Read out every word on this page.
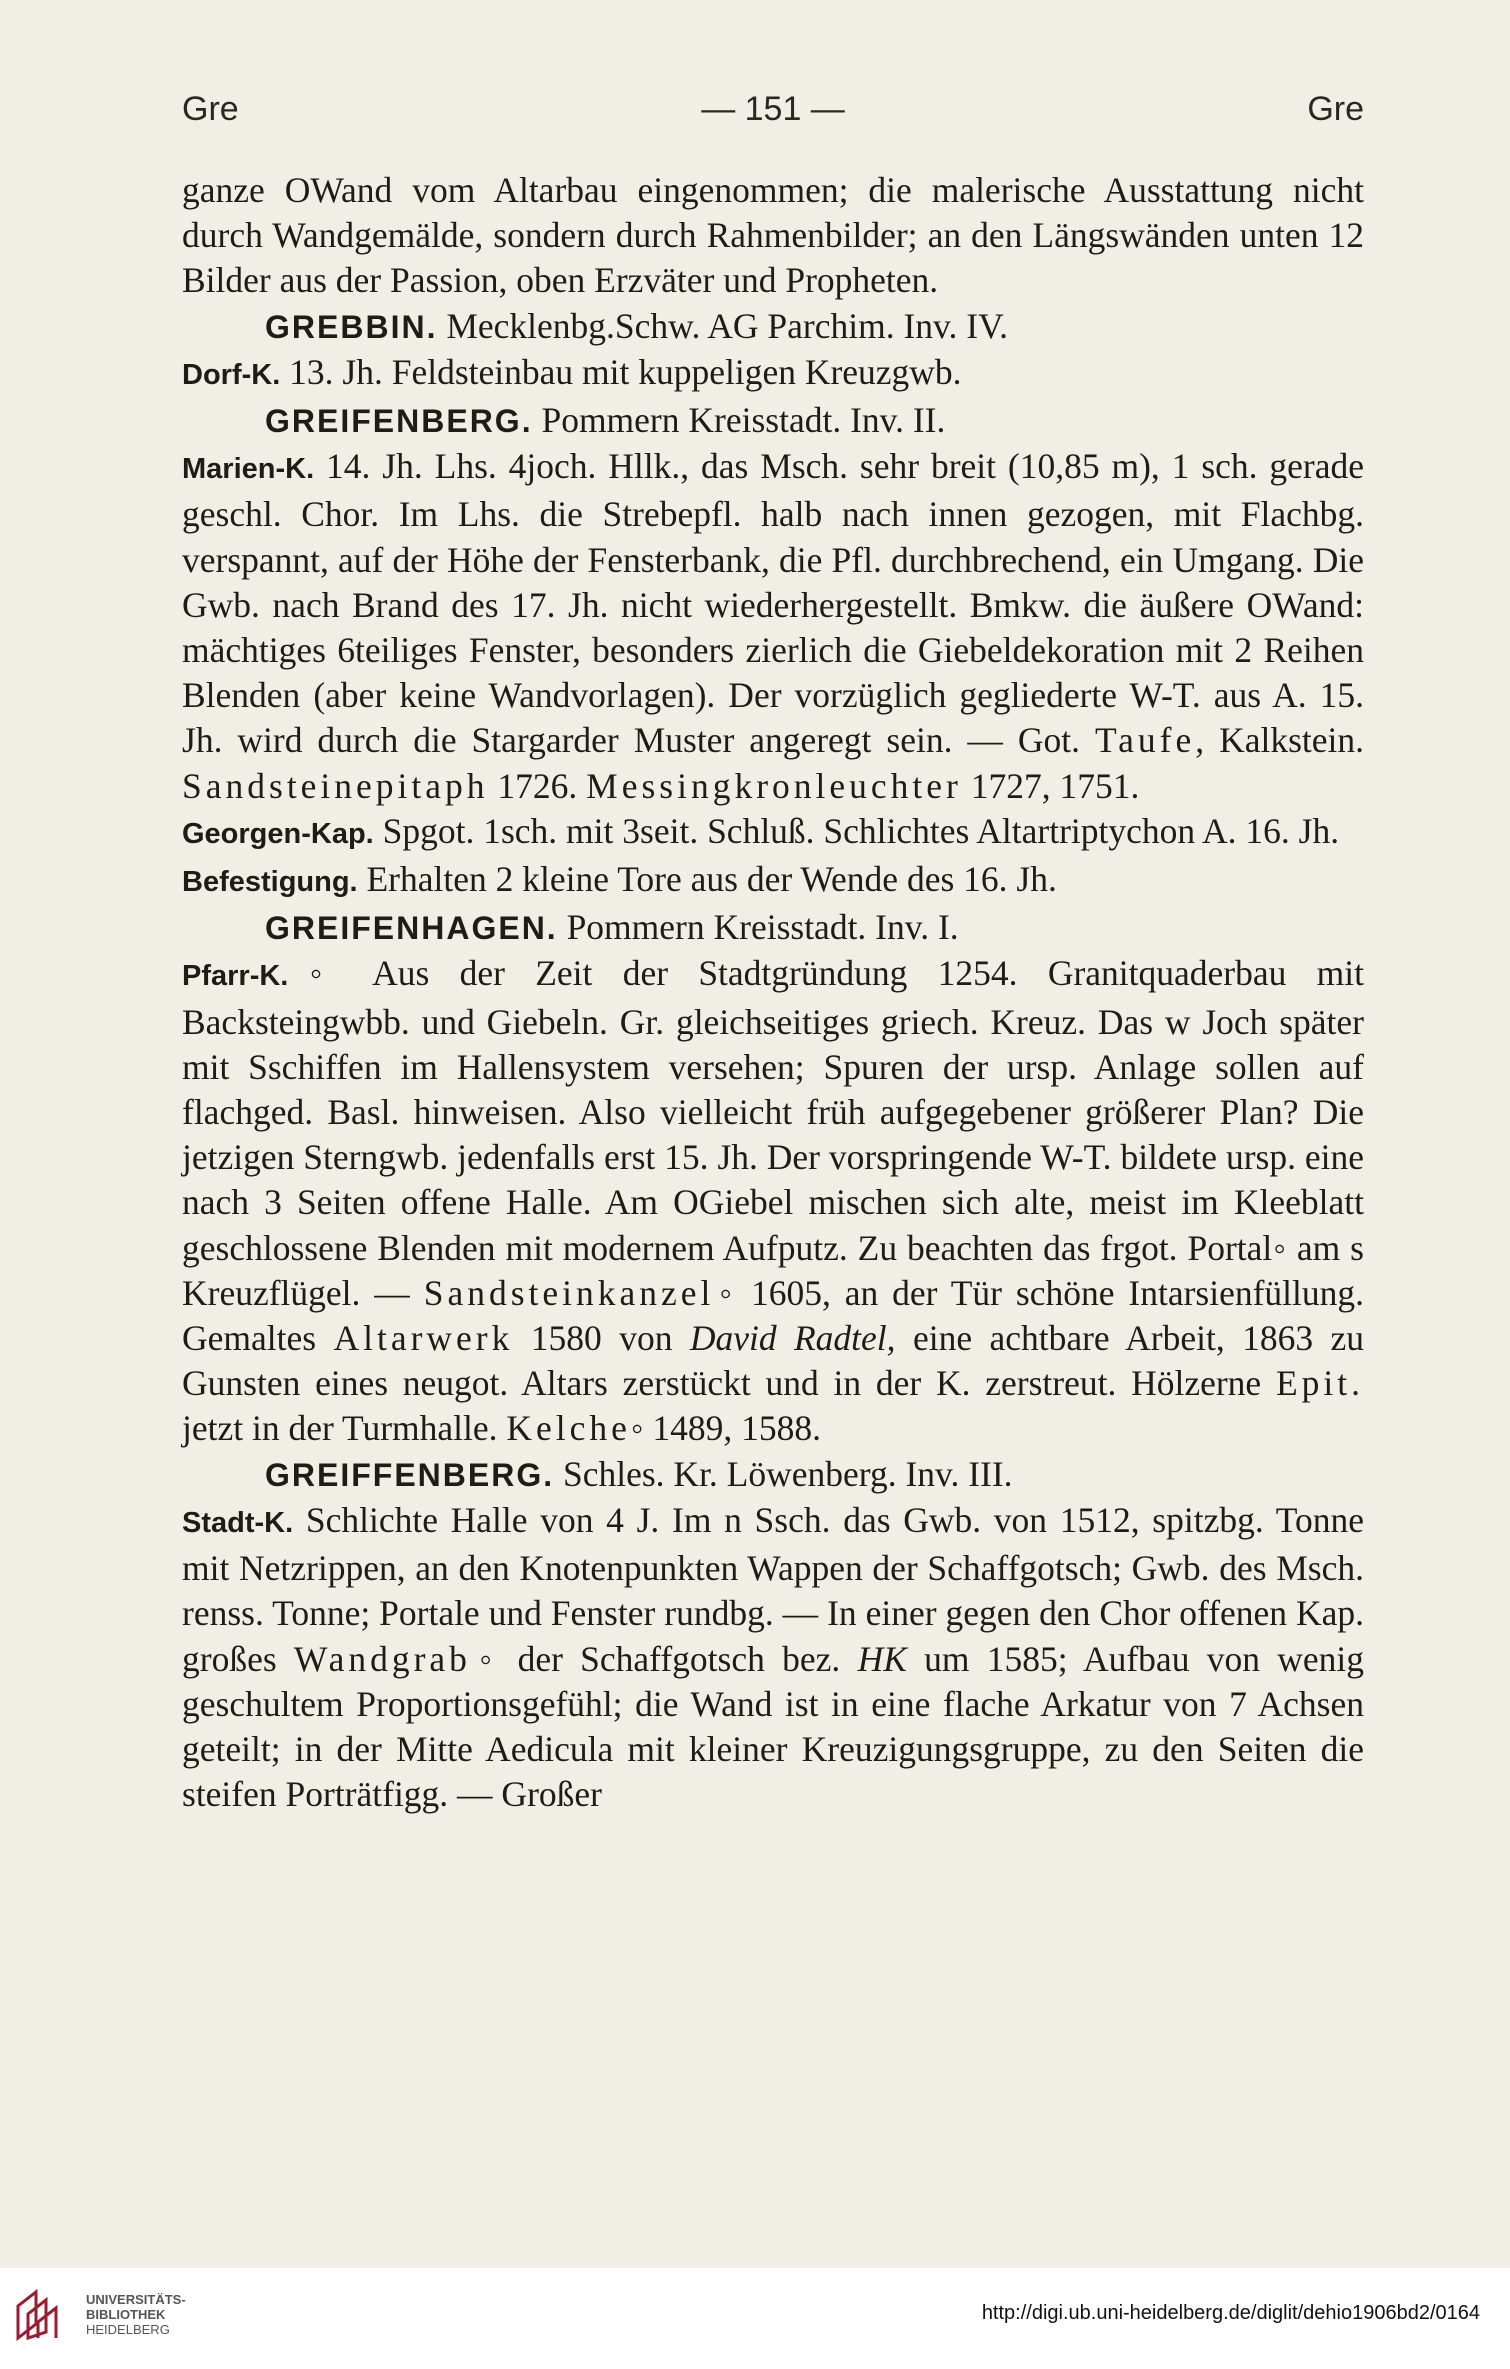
Gre	— 151 —	Gre

ganze OWand vom Altarbau eingenommen; die malerische Ausstattung nicht durch Wandgemälde, sondern durch Rahmenbilder; an den Längswänden unten 12 Bilder aus der Passion, oben Erzväter und Propheten.

GREBBIN. Mecklenbg.Schw. AG Parchim. Inv. IV.

Dorf-K. 13. Jh. Feldsteinbau mit kuppeligen Kreuzgwb.

GREIFENBERG. Pommern Kreisstadt. Inv. II.

Marien-K. 14. Jh. Lhs. 4joch. Hllk., das Msch. sehr breit (10,85 m), 1 sch. gerade geschl. Chor. Im Lhs. die Strebepfl. halb nach innen gezogen, mit Flachbg. verspannt, auf der Höhe der Fensterbank, die Pfl. durchbrechend, ein Umgang. Die Gwb. nach Brand des 17. Jh. nicht wiederhergestellt. Bmkw. die äußere OWand: mächtiges 6teiliges Fenster, besonders zierlich die Giebeldekoration mit 2 Reihen Blenden (aber keine Wandvorlagen). Der vorzüglich gegliederte W-T. aus A. 15. Jh. wird durch die Stargarder Muster angeregt sein. — Got. Taufe, Kalkstein. Sandsteinepitaph 1726. Messingkronleuchter 1727, 1751.

Georgen-Kap. Spgot. 1sch. mit 3seit. Schluß. Schlichtes Altartriptychon A. 16. Jh.

Befestigung. Erhalten 2 kleine Tore aus der Wende des 16. Jh.

GREIFENHAGEN. Pommern Kreisstadt. Inv. I.

Pfarr-K.◦ Aus der Zeit der Stadtgründung 1254. Granitquaderbau mit Backsteingwbb. und Giebeln. Gr. gleichseitiges griech. Kreuz. Das w Joch später mit Sschiffen im Hallensystem versehen; Spuren der ursp. Anlage sollen auf flachged. Basl. hinweisen. Also vielleicht früh aufgegebener größerer Plan? Die jetzigen Sterngwb. jedenfalls erst 15. Jh. Der vorspringende W-T. bildete ursp. eine nach 3 Seiten offene Halle. Am OGiebel mischen sich alte, meist im Kleeblatt geschlossene Blenden mit modernem Aufputz. Zu beachten das frgot. Portal◦ am s Kreuzflügel. — Sandsteinkanzel◦ 1605, an der Tür schöne Intarsienfüllung. Gemaltes Altarwerk 1580 von David Radtel, eine achtbare Arbeit, 1863 zu Gunsten eines neugot. Altars zerstückt und in der K. zerstreut. Hölzerne Epit. jetzt in der Turmhalle. Kelche◦ 1489, 1588.

GREIFFENBERG. Schles. Kr. Löwenberg. Inv. III.

Stadt-K. Schlichte Halle von 4 J. Im n Ssch. das Gwb. von 1512, spitzbg. Tonne mit Netzrippen, an den Knotenpunkten Wappen der Schaffgotsch; Gwb. des Msch. renss. Tonne; Portale und Fenster rundbg. — In einer gegen den Chor offenen Kap. großes Wandgrab◦ der Schaffgotsch bez. HK um 1585; Aufbau von wenig geschultem Proportionsgefühl; die Wand ist in eine flache Arkatur von 7 Achsen geteilt; in der Mitte Aedicula mit kleiner Kreuzigungsgruppe, zu den Seiten die steifen Porträtfigg. — Großer

UNIVERSITÄTS-
BIBLIOTHEK
HEIDELBERG
http://digi.ub.uni-heidelberg.de/diglit/dehio1906bd2/0164
